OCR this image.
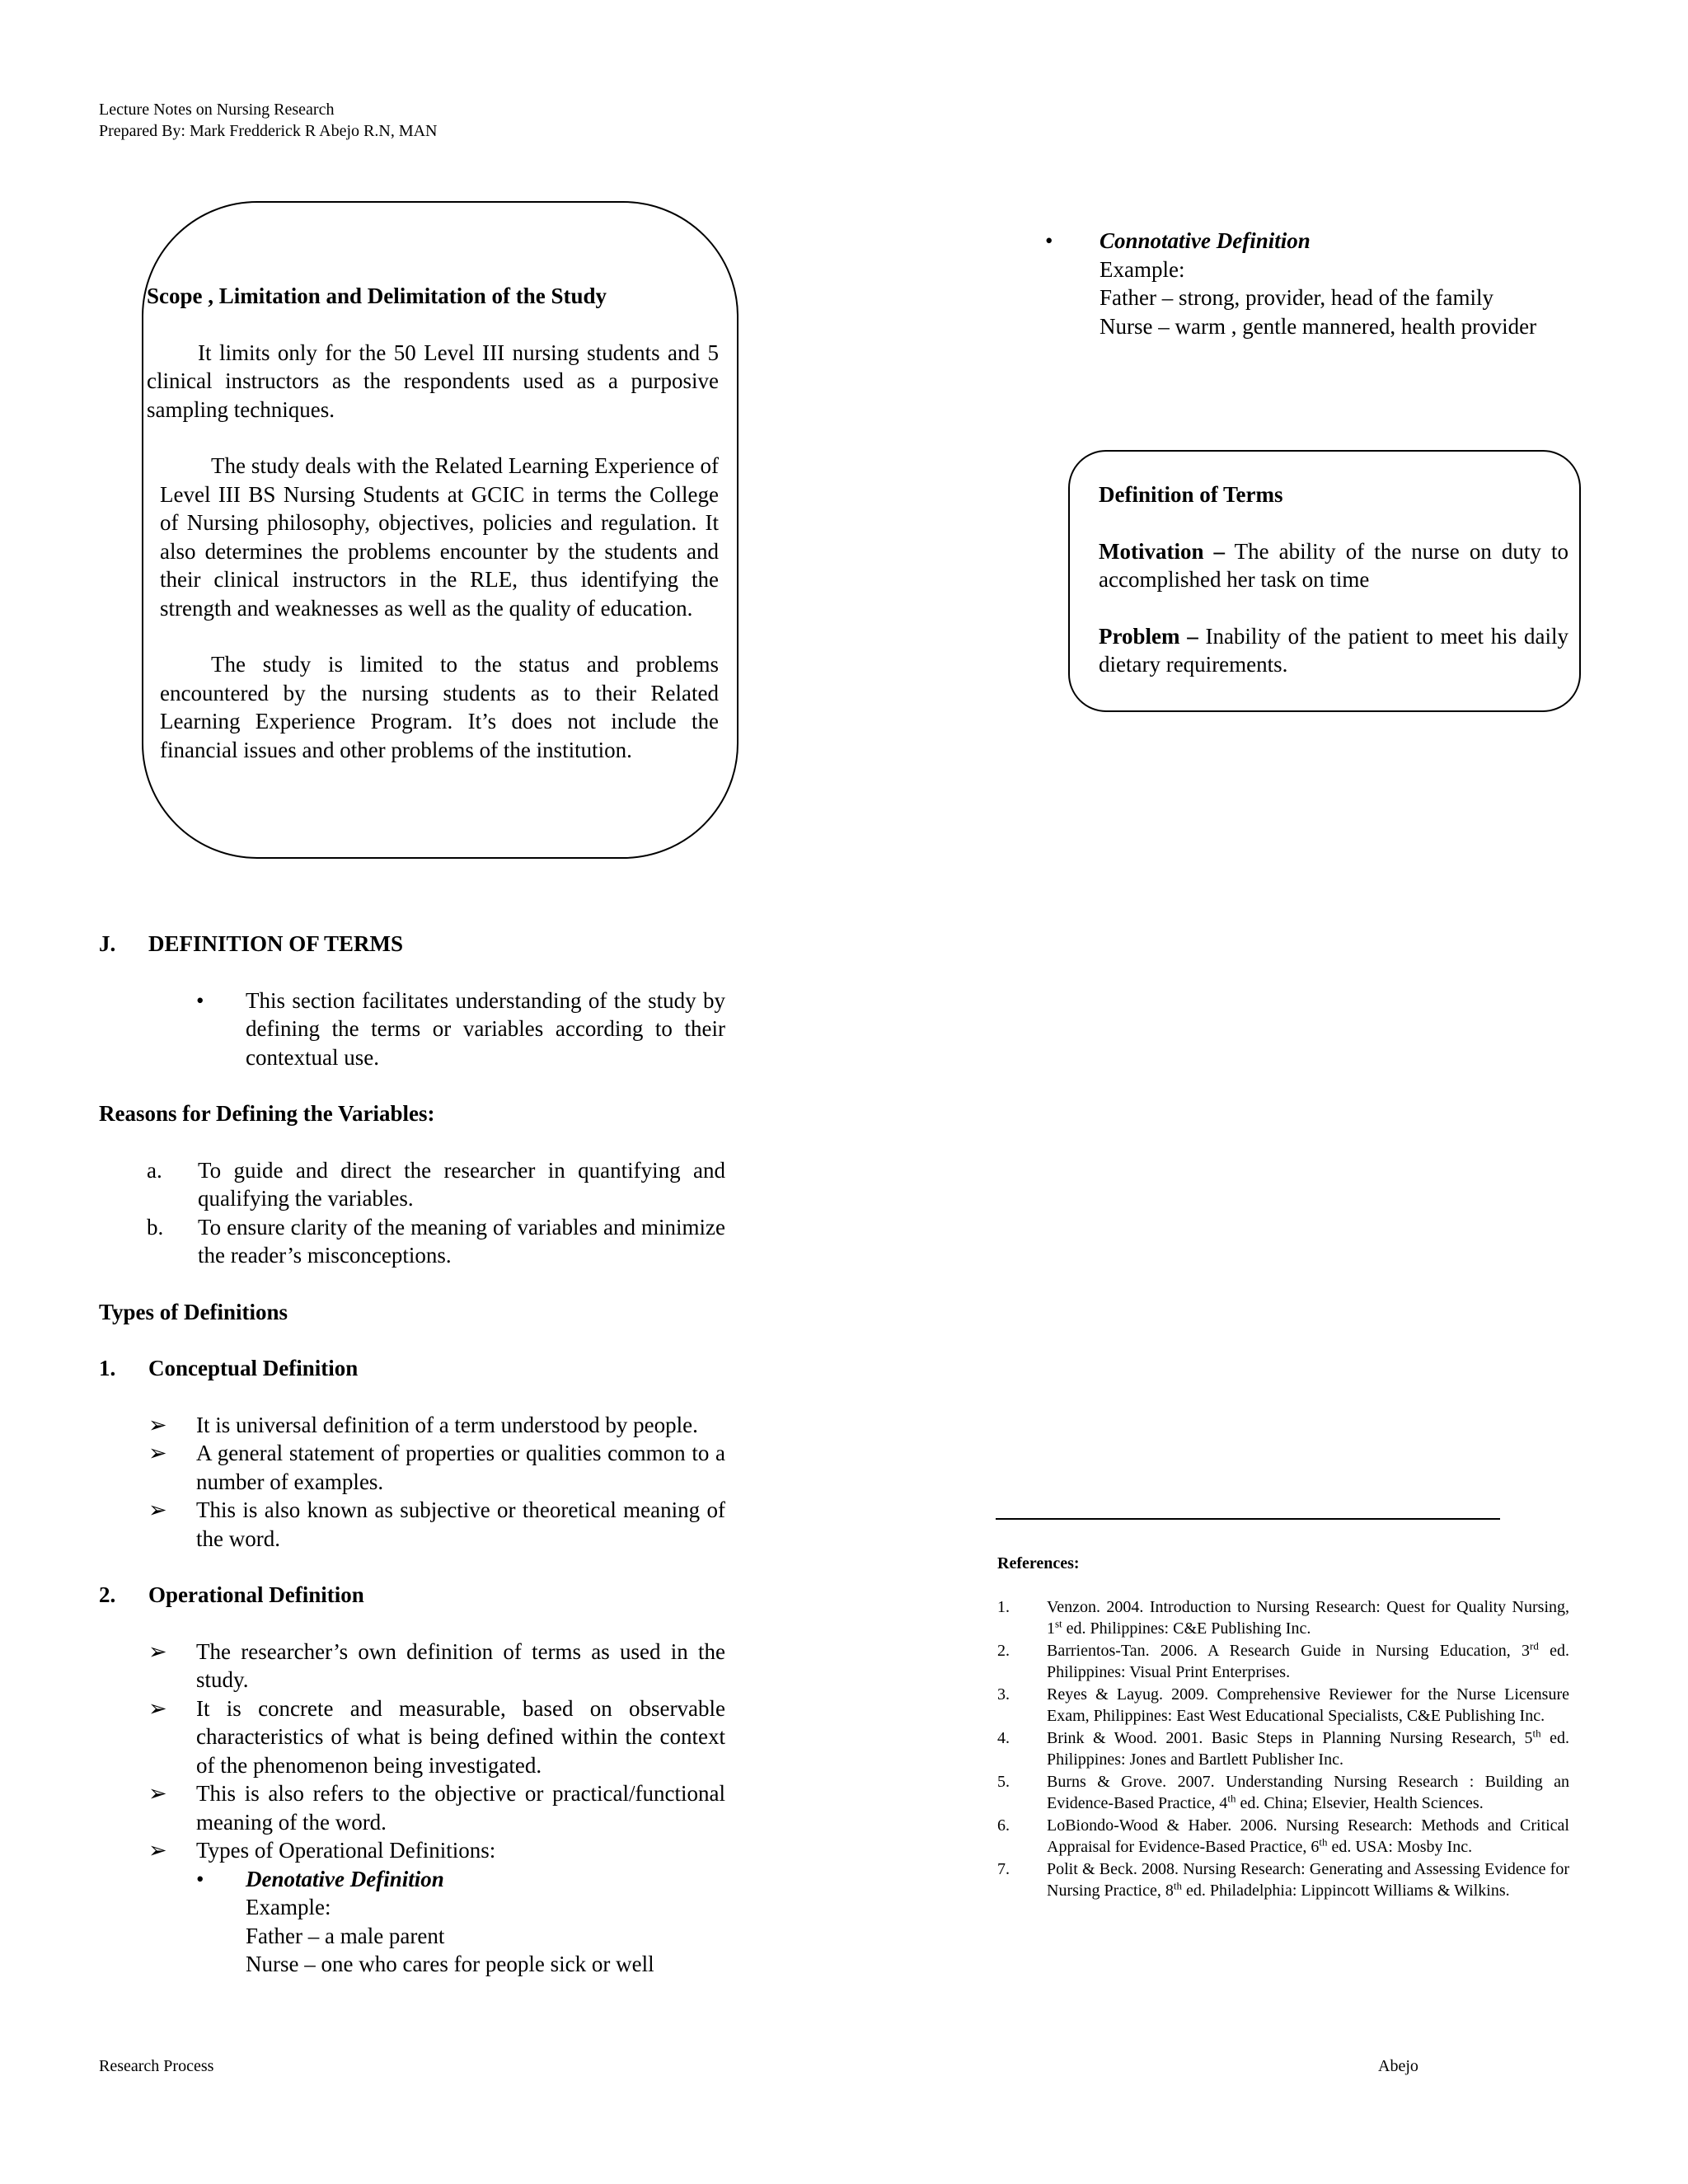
Lecture Notes on Nursing Research
Prepared By: Mark Fredderick R Abejo R.N, MAN
Scope , Limitation and Delimitation of the Study

It limits only for the 50 Level III nursing students and 5 clinical instructors as the respondents used as a purposive sampling techniques.

The study deals with the Related Learning Experience of Level III BS Nursing Students at GCIC in terms the College of Nursing philosophy, objectives, policies and regulation. It also determines the problems encounter by the students and their clinical instructors in the RLE, thus identifying the strength and weaknesses as well as the quality of education.

The study is limited to the status and problems encountered by the nursing students as to their Related Learning Experience Program. It’s does not include the financial issues and other problems of the institution.

• Connotative Definition
Example:
Father – strong, provider, head of the family
Nurse – warm , gentle mannered, health provider
Definition of Terms

Motivation – The ability of the nurse on duty to accomplished her task on time

Problem – Inability of the patient to meet his daily dietary requirements.

J. DEFINITION OF TERMS
• This section facilitates understanding of the study by defining the terms or variables according to their contextual use.
Reasons for Defining the Variables:
a. To guide and direct the researcher in quantifying and qualifying the variables.
b. To ensure clarity of the meaning of variables and minimize the reader’s misconceptions.
Types of Definitions
1. Conceptual Definition
➢ It is universal definition of a term understood by people.
➢ A general statement of properties or qualities common to a number of examples.
➢ This is also known as subjective or theoretical meaning of the word.
2. Operational Definition
➢ The researcher’s own definition of terms as used in the study.
➢ It is concrete and measurable, based on observable characteristics of what is being defined within the context of the phenomenon being investigated.
➢ This is also refers to the objective or practical/functional meaning of the word.
➢ Types of Operational Definitions:
• Denotative Definition
Example:
Father – a male parent
Nurse – one who cares for people sick or well
References:
1. Venzon. 2004. Introduction to Nursing Research: Quest for Quality Nursing, 1st ed. Philippines: C&E Publishing Inc.
2. Barrientos-Tan. 2006. A Research Guide in Nursing Education, 3rd ed. Philippines: Visual Print Enterprises.
3. Reyes & Layug. 2009. Comprehensive Reviewer for the Nurse Licensure Exam, Philippines: East West Educational Specialists, C&E Publishing Inc.
4. Brink & Wood. 2001. Basic Steps in Planning Nursing Research, 5th ed. Philippines: Jones and Bartlett Publisher Inc.
5. Burns & Grove. 2007. Understanding Nursing Research : Building an Evidence-Based Practice, 4th ed. China; Elsevier, Health Sciences.
6. LoBiondo-Wood & Haber. 2006. Nursing Research: Methods and Critical Appraisal for Evidence-Based Practice, 6th ed. USA: Mosby Inc.
7. Polit & Beck. 2008. Nursing Research: Generating and Assessing Evidence for Nursing Practice, 8th ed. Philadelphia: Lippincott Williams & Wilkins.
Research Process	Abejo
